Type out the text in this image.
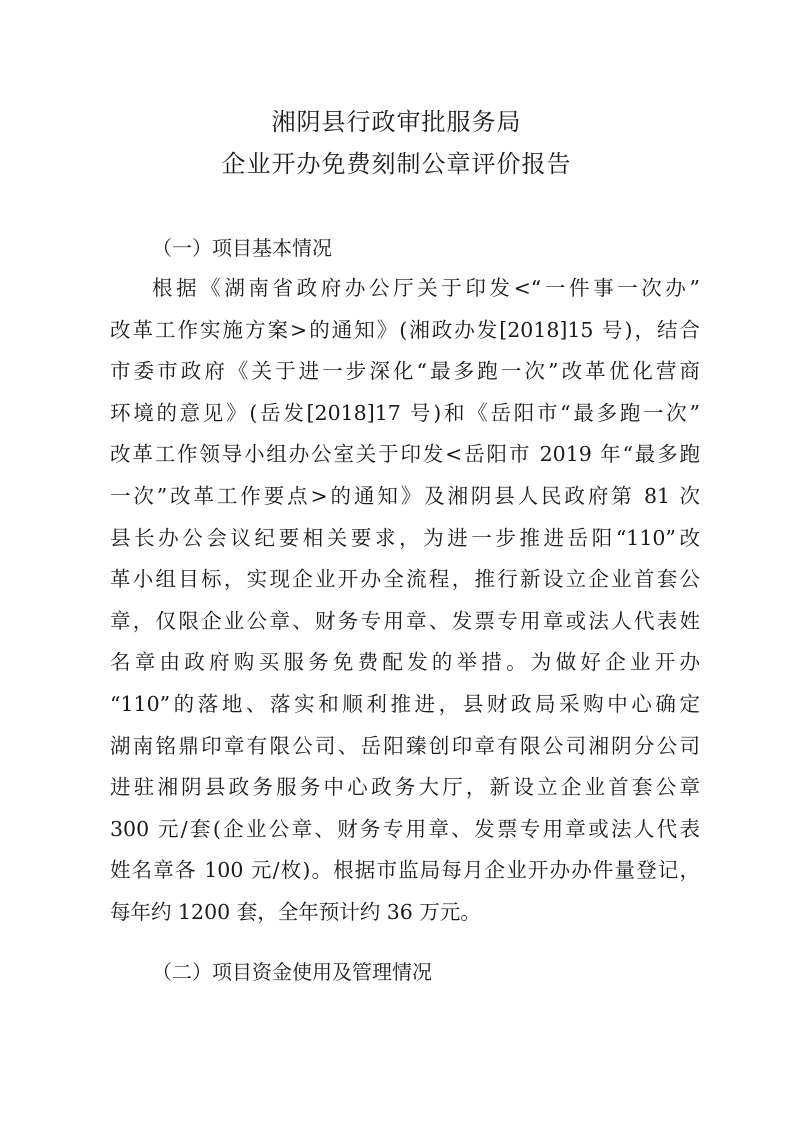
湘阴县行政审批服务局
企业开办免费刻制公章评价报告
（一）项目基本情况
根据《湖南省政府办公厅关于印发<“一件事一次办”
改革工作实施方案>的通知》(湘政办发[2018]15 号)，结合
市委市政府《关于进一步深化“最多跑一次”改革优化营商
环境的意见》(岳发[2018]17 号)和《岳阳市“最多跑一次”
改革工作领导小组办公室关于印发<岳阳市 2019 年“最多跑
一次”改革工作要点>的通知》及湘阴县人民政府第 81 次
县长办公会议纪要相关要求，为进一步推进岳阳“110”改
革小组目标，实现企业开办全流程，推行新设立企业首套公
章，仅限企业公章、财务专用章、发票专用章或法人代表姓
名章由政府购买服务免费配发的举措。为做好企业开办
“110”的落地、落实和顺利推进，县财政局采购中心确定
湖南铭鼎印章有限公司、岳阳臻创印章有限公司湘阴分公司
进驻湘阴县政务服务中心政务大厅，新设立企业首套公章
300 元/套(企业公章、财务专用章、发票专用章或法人代表
姓名章各 100 元/枚)。根据市监局每月企业开办办件量登记，
每年约 1200 套，全年预计约 36 万元。
（二）项目资金使用及管理情况
